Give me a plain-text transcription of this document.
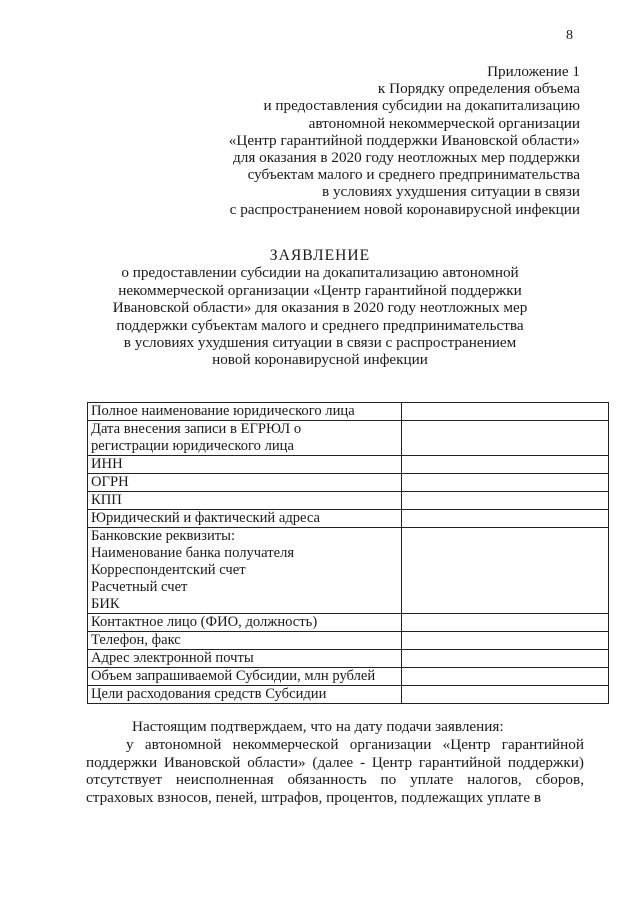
8
Приложение 1
к Порядку определения объема
и предоставления субсидии на докапитализацию
автономной некоммерческой организации
«Центр гарантийной поддержки Ивановской области»
для оказания в 2020 году неотложных мер поддержки
субъектам малого и среднего предпринимательства
в условиях ухудшения ситуации в связи
с распространением новой коронавирусной инфекции
ЗАЯВЛЕНИЕ
о предоставлении субсидии на докапитализацию автономной
некоммерческой организации «Центр гарантийной поддержки
Ивановской области» для оказания в 2020 году неотложных мер
поддержки субъектам малого и среднего предпринимательства
в условиях ухудшения ситуации в связи с распространением
новой коронавирусной инфекции
Полное наименование юридического лица	

Дата внесения записи в ЕГРЮЛ о
регистрации юридического лица	

ИНН	

ОГРН	

КПП	

Юридический и фактический адреса	

Банковские реквизиты:
Наименование банка получателя
Корреспондентский счет
Расчетный счет
БИК	

Контактное лицо (ФИО, должность)	

Телефон, факс	

Адрес электронной почты	

Объем запрашиваемой Субсидии, млн рублей	

Цели расходования средств Субсидии	

Настоящим подтверждаем, что на дату подачи заявления:

у автономной некоммерческой организации «Центр гарантийной поддержки Ивановской области» (далее - Центр гарантийной поддержки) отсутствует неисполненная обязанность по уплате налогов, сборов, страховых взносов, пеней, штрафов, процентов, подлежащих уплате в
